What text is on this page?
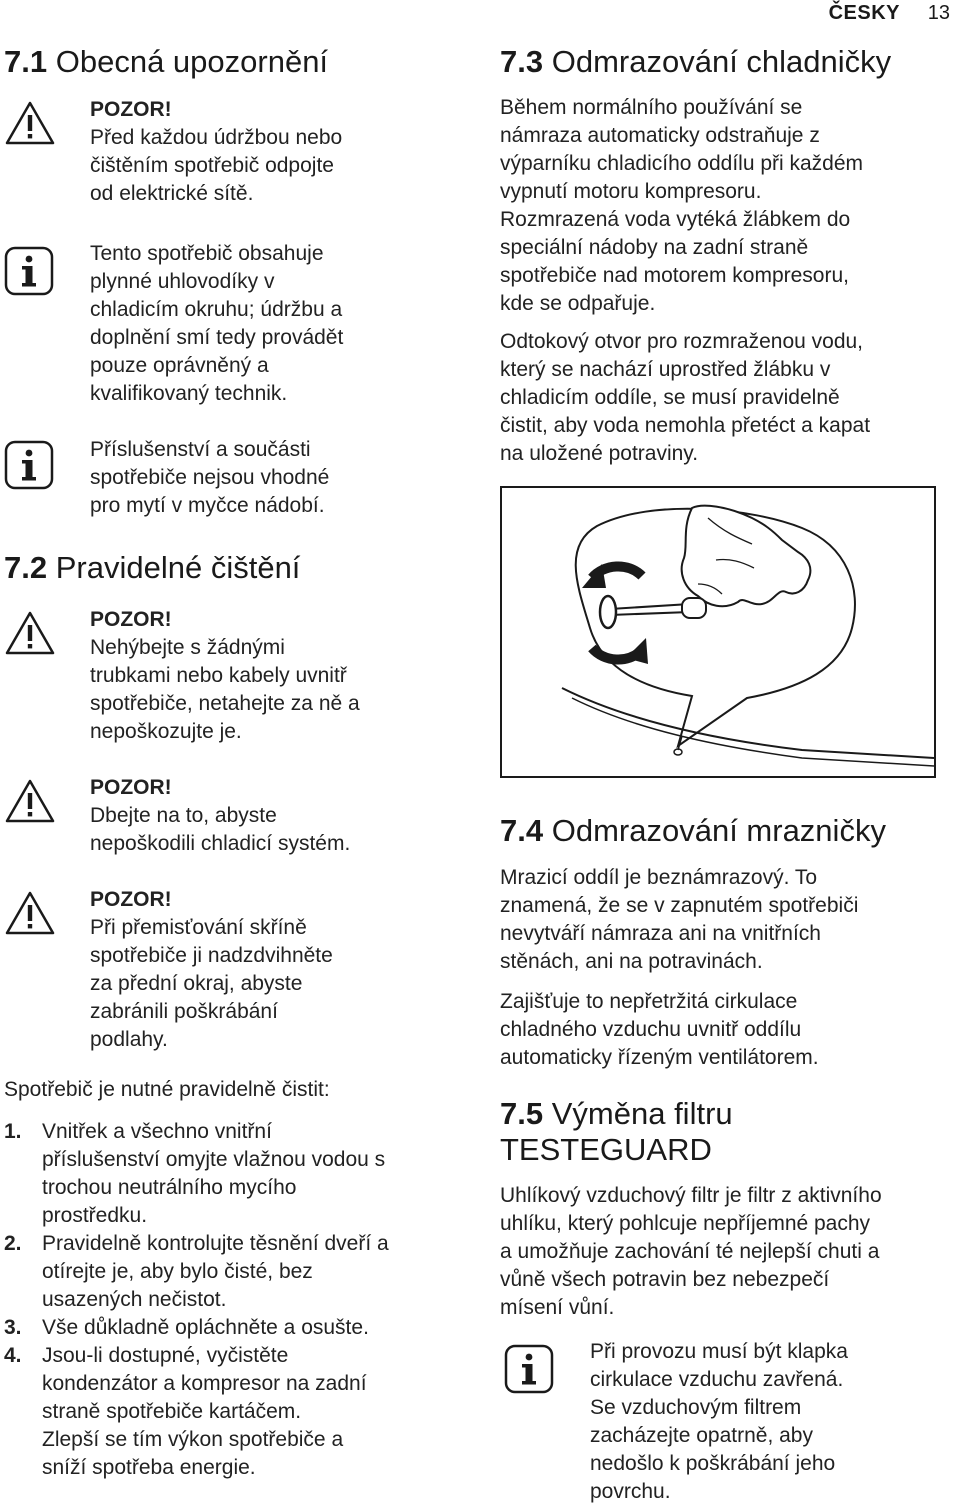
ČESKY 13
7.1 Obecná upozornění
POZOR!
Před každou údržbou nebo
čištěním spotřebič odpojte
od elektrické sítě.
Tento spotřebič obsahuje
plynné uhlovodíky v
chladicím okruhu; údržbu a
doplnění smí tedy provádět
pouze oprávněný a
kvalifikovaný technik.
Příslušenství a součásti
spotřebiče nejsou vhodné
pro mytí v myčce nádobí.
7.2 Pravidelné čištění
POZOR!
Nehýbejte s žádnými
trubkami nebo kabely uvnitř
spotřebiče, netahejte za ně a
nepoškozujte je.
POZOR!
Dbejte na to, abyste
nepoškodili chladicí systém.
POZOR!
Při přemisťování skříně
spotřebiče ji nadzdvihněte
za přední okraj, abyste
zabránili poškrábání
podlahy.

Spotřebič je nutné pravidelně čistit:

1. Vnitřek a všechno vnitřní
příslušenství omyjte vlažnou vodou s
trochou neutrálního mycího
prostředku.
2. Pravidelně kontrolujte těsnění dveří a
otírejte je, aby bylo čisté, bez
usazených nečistot.
3. Vše důkladně opláchněte a osušte.
4. Jsou-li dostupné, vyčistěte
kondenzátor a kompresor na zadní
straně spotřebiče kartáčem.
Zlepší se tím výkon spotřebiče a
sníží spotřeba energie.
7.3 Odmrazování chladničky

Během normálního používání se
námraza automaticky odstraňuje z
výparníku chladicího oddílu při každém
vypnutí motoru kompresoru.
Rozmrazená voda vytéká žlábkem do
speciální nádoby na zadní straně
spotřebiče nad motorem kompresoru,
kde se odpařuje.

Odtokový otvor pro rozmraženou vodu,
který se nachází uprostřed žlábku v
chladicím oddíle, se musí pravidelně
čistit, aby voda nemohla přetéct a kapat
na uložené potraviny.

7.4 Odmrazování mrazničky

Mrazicí oddíl je beznámrazový. To
znamená, že se v zapnutém spotřebiči
nevytváří námraza ani na vnitřních
stěnách, ani na potravinách.

Zajišťuje to nepřetržitá cirkulace
chladného vzduchu uvnitř oddílu
automaticky řízeným ventilátorem.

7.5 Výměna filtru
TESTEGUARD

Uhlíkový vzduchový filtr je filtr z aktivního
uhlíku, který pohlcuje nepříjemné pachy
a umožňuje zachování té nejlepší chuti a
vůně všech potravin bez nebezpečí
mísení vůní.

Při provozu musí být klapka
cirkulace vzduchu zavřená.
Se vzduchovým filtrem
zacházejte opatrně, aby
nedošlo k poškrábání jeho
povrchu.
